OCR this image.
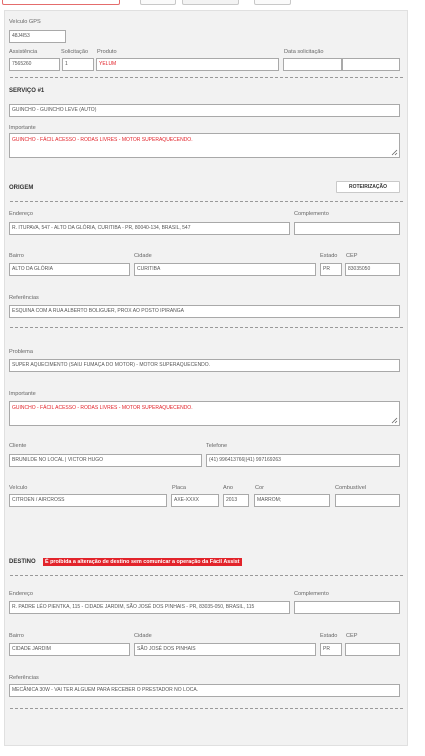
Veículo GPS
48J4I53
Assistência
7565260
Solicitação
1
Produto
YELUM
Data solicitação
SERVIÇO #1
GUINCHO - GUINCHO LEVE (AUTO)
Importante
GUINCHO - FÁCIL ACESSO - RODAS LIVRES - MOTOR SUPERAQUECENDO.
ORIGEM	ROTEIRIZAÇÃO
Endereço
R. ITUPAVA, 547 - ALTO DA GLÓRIA, CURITIBA - PR, 80040-134, BRASIL, 547
Complemento
Bairro
ALTO DA GLÓRIA
Cidade
CURITIBA
Estado
PR
CEP
83035050
Referências
ESQUINA COM A RUA ALBERTO BOLIGUER, PROX AO POSTO IPIRANGA
Problema
SUPER AQUECIMENTO (SAIU FUMAÇA DO MOTOR) - MOTOR SUPERAQUECENDO.
Importante
GUINCHO - FÁCIL ACESSO - RODAS LIVRES - MOTOR SUPERAQUECENDO.
Cliente
BRUNILDE NO LOCAL | VICTOR HUGO
Telefone
(41) 996413766|(41) 997169263
Veículo
CITROEN / AIRCROSS
Placa
AXE-XXXX
Ano
2013
Cor
MARROM;
Combustível
DESTINO	É proibida a alteração de destino sem comunicar a operação da Fácil Assist
Endereço
R. PADRE LÉO PIENTKA, 115 - CIDADE JARDIM, SÃO JOSÉ DOS PINHAIS - PR, 83035-050, BRASIL, 115
Complemento
Bairro
CIDADE JARDIM
Cidade
SÃO JOSÉ DOS PINHAIS
Estado
PR
CEP
Referências
MECÂNICA 30W - VAI TER ALGUEM PARA RECEBER O PRESTADOR NO LOCA.
